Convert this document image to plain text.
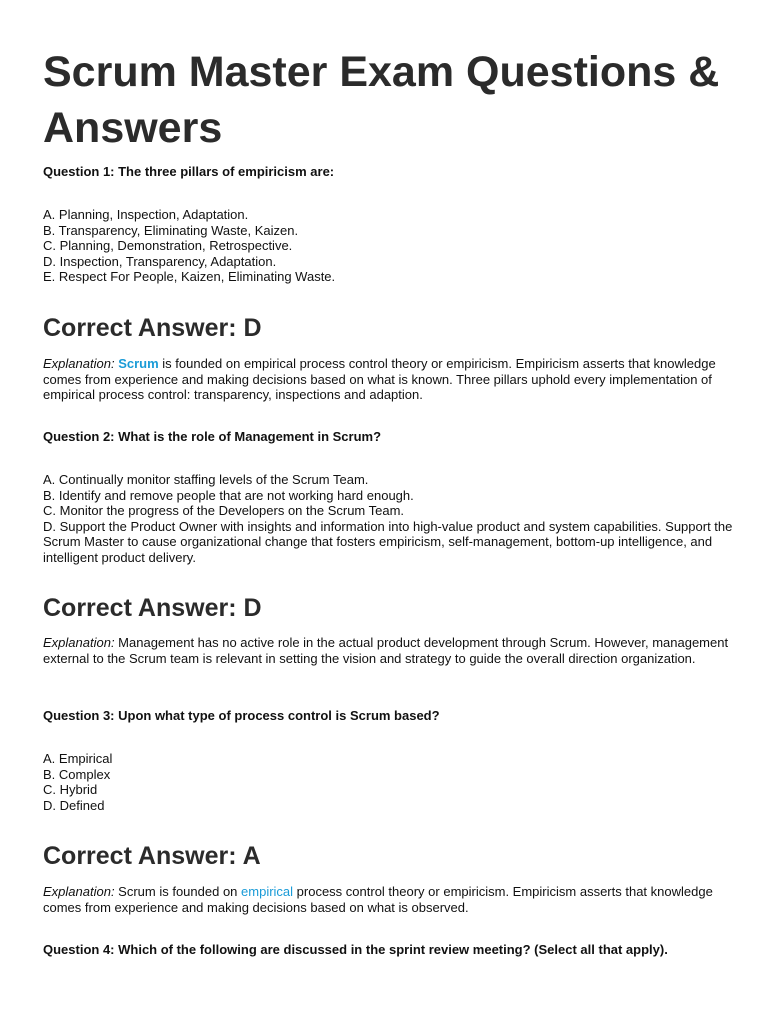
Scrum Master Exam Questions & Answers

Question 1: The three pillars of empiricism are:

A. Planning, Inspection, Adaptation.
B. Transparency, Eliminating Waste, Kaizen.
C. Planning, Demonstration, Retrospective.
D. Inspection, Transparency, Adaptation.
E. Respect For People, Kaizen, Eliminating Waste.
Correct Answer: D

Explanation: Scrum is founded on empirical process control theory or empiricism. Empiricism asserts that knowledge comes from experience and making decisions based on what is known. Three pillars uphold every implementation of empirical process control: transparency, inspections and adaption.

Question 2: What is the role of Management in Scrum?

A. Continually monitor staffing levels of the Scrum Team.
B. Identify and remove people that are not working hard enough.
C. Monitor the progress of the Developers on the Scrum Team.
D. Support the Product Owner with insights and information into high-value product and system capabilities. Support the Scrum Master to cause organizational change that fosters empiricism, self-management, bottom-up intelligence, and intelligent product delivery.
Correct Answer: D

Explanation: Management has no active role in the actual product development through Scrum. However, management external to the Scrum team is relevant in setting the vision and strategy to guide the overall direction organization.

Question 3: Upon what type of process control is Scrum based?

A. Empirical
B. Complex
C. Hybrid
D. Defined
Correct Answer: A

Explanation: Scrum is founded on empirical process control theory or empiricism. Empiricism asserts that knowledge comes from experience and making decisions based on what is observed.

Question 4: Which of the following are discussed in the sprint review meeting? (Select all that apply).
